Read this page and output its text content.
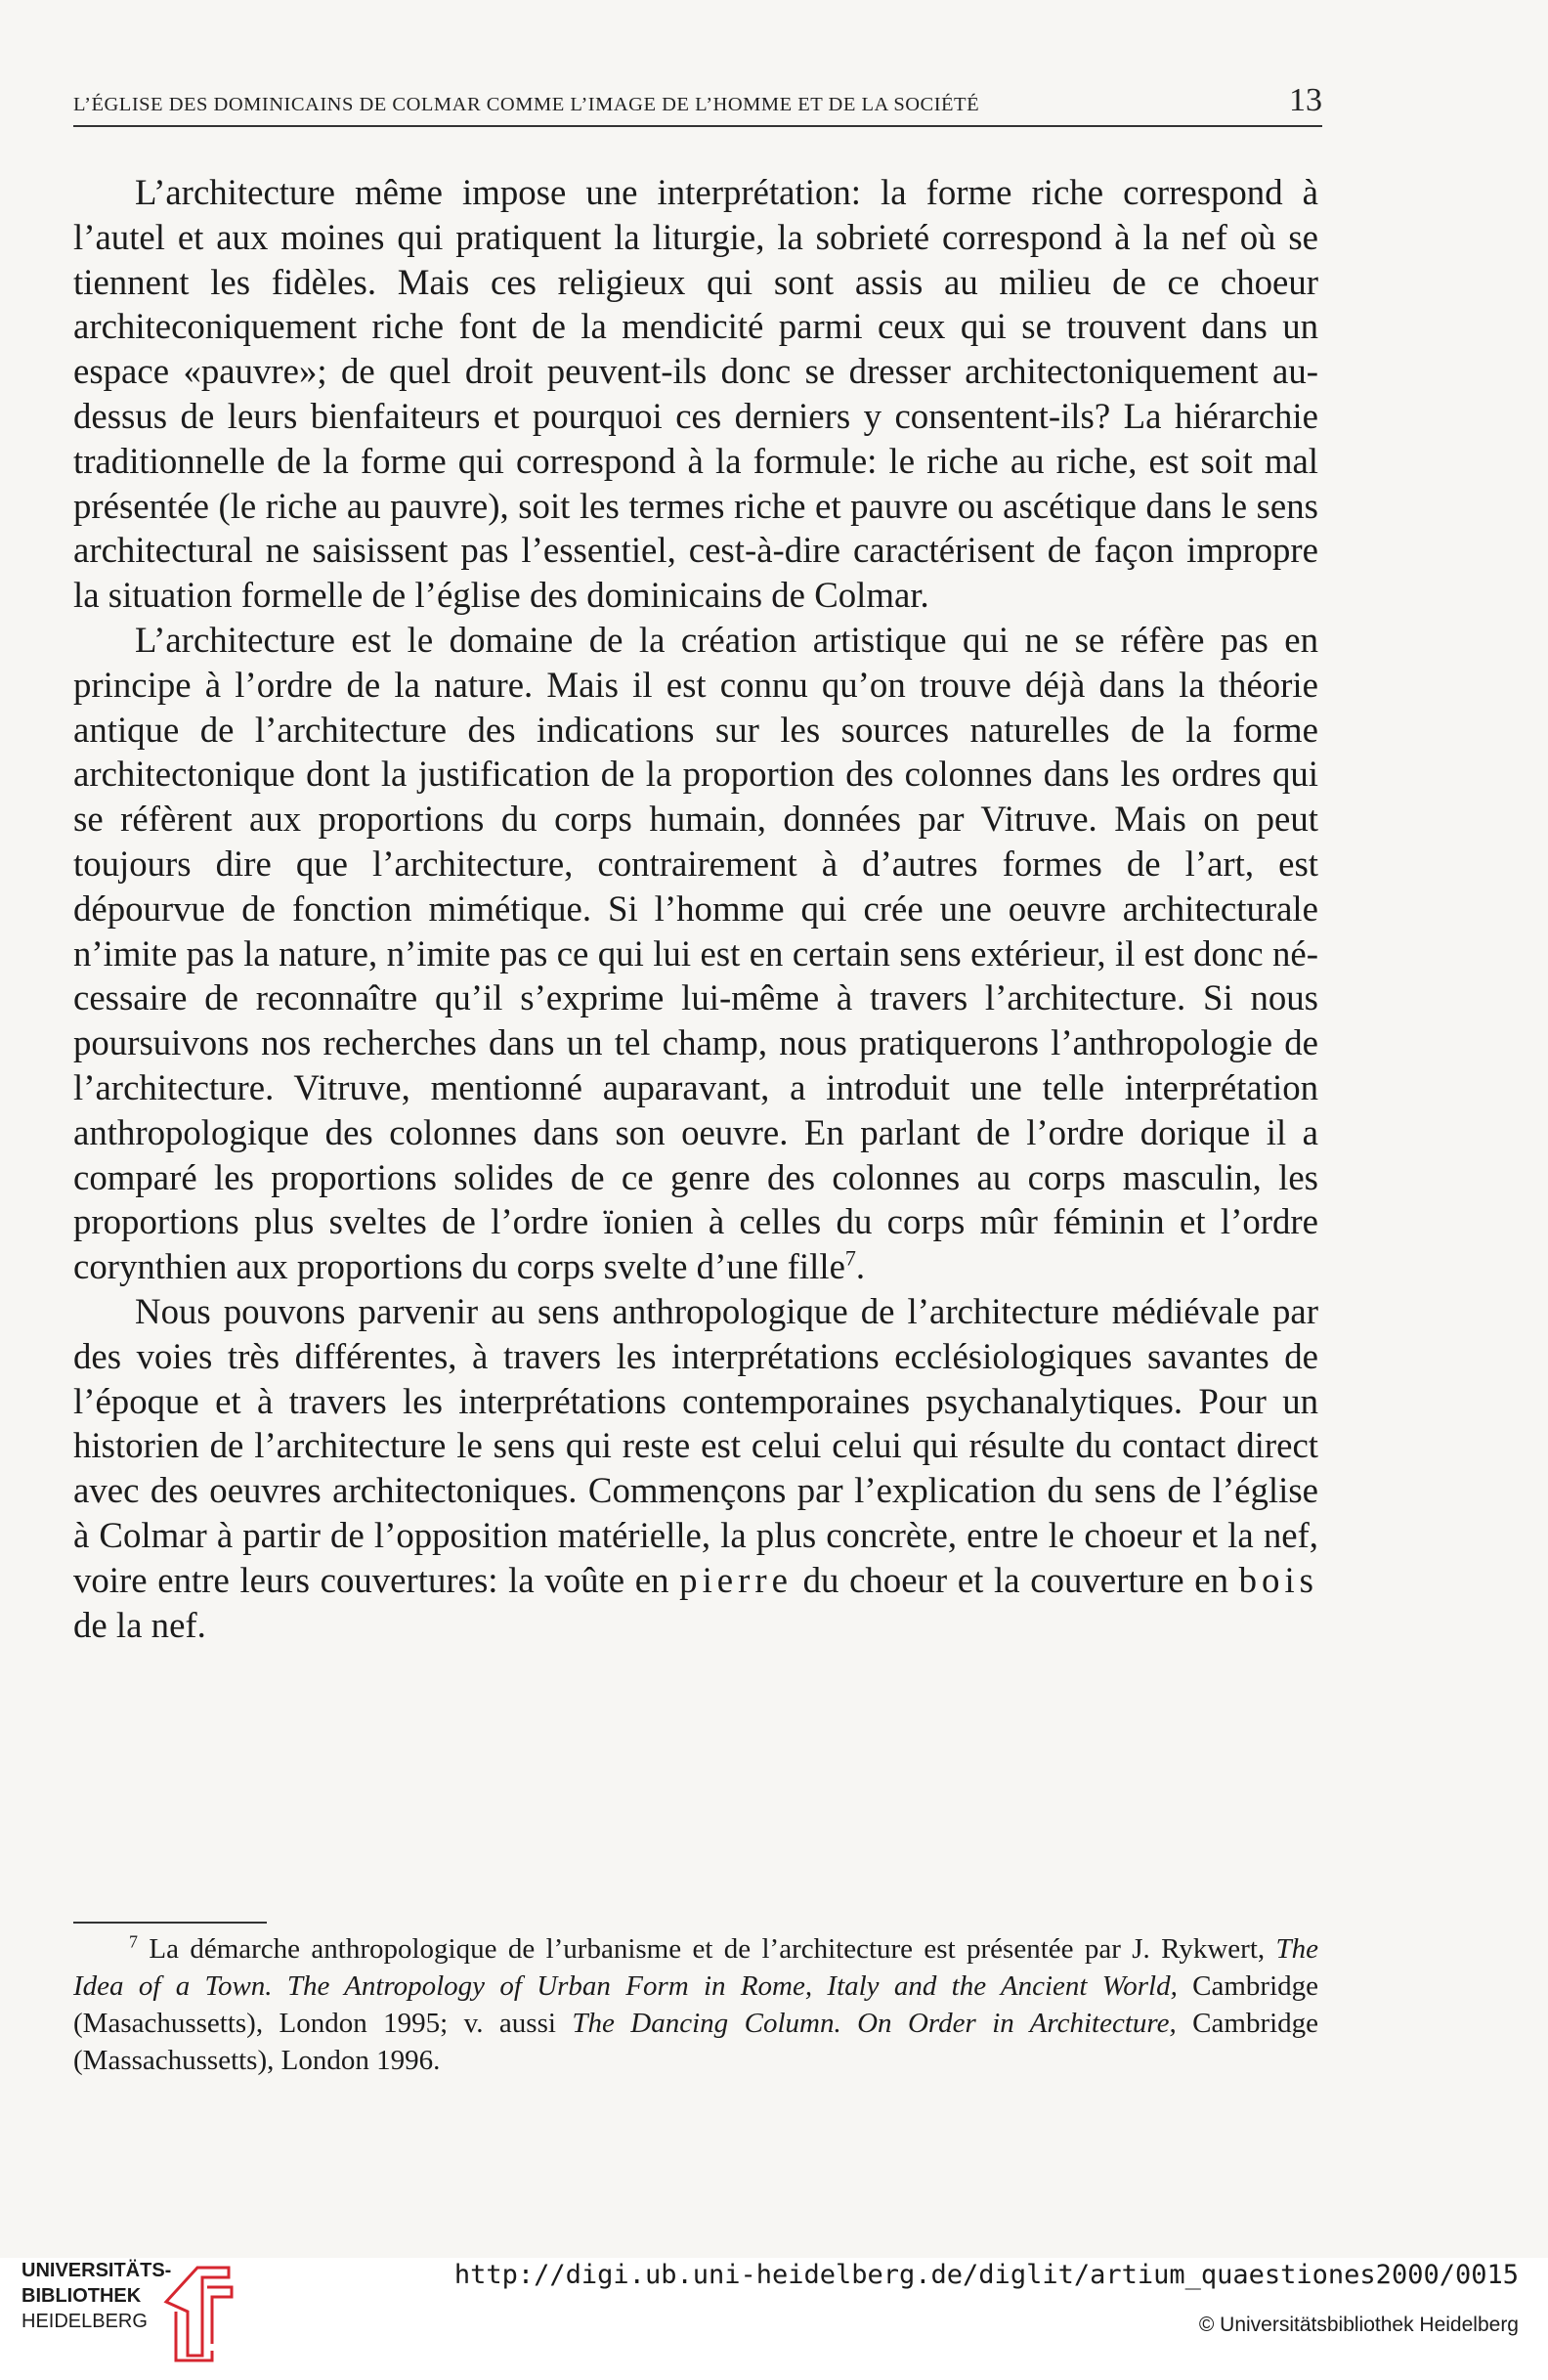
L’ÉGLISE DES DOMINICAINS DE COLMAR COMME L’IMAGE DE L’HOMME ET DE LA SOCIÉTÉ	13

L’architecture même impose une interprétation: la forme riche correspond à l’autel et aux moines qui pratiquent la liturgie, la sobrieté correspond à la nef où se tiennent les fidèles. Mais ces religieux qui sont assis au milieu de ce choeur architeconiquement riche font de la mendicité parmi ceux qui se trouvent dans un espace «pauvre»; de quel droit peuvent-ils donc se dresser architectoniquement au-dessus de leurs bienfaiteurs et pourquoi ces derniers y consentent-ils? La hiérarchie traditionnelle de la forme qui correspond à la formule: le riche au riche, est soit mal présentée (le riche au pauvre), soit les termes riche et pauvre ou ascétique dans le sens architectural ne saisissent pas l’essentiel, cest-à-dire caractérisent de façon impropre la situation formelle de l’église des dominicains de Colmar.

L’architecture est le domaine de la création artistique qui ne se réfère pas en principe à l’ordre de la nature. Mais il est connu qu’on trouve déjà dans la théorie antique de l’architecture des indications sur les sources naturelles de la forme architectonique dont la justification de la proportion des colonnes dans les ordres qui se réfèrent aux proportions du corps humain, données par Vitruve. Mais on peut toujours dire que l’architecture, contrairement à d’autres formes de l’art, est dépourvue de fonction mimétique. Si l’homme qui crée une oeuvre architecturale n’imite pas la nature, n’imite pas ce qui lui est en certain sens extérieur, il est donc nécessaire de reconnaître qu’il s’exprime lui-même à travers l’architecture. Si nous poursuivons nos recherches dans un tel champ, nous pratiquerons l’anthropologie de l’architecture. Vitruve, mentionné auparavant, a introduit une telle interprétation anthropologique des colonnes dans son oeuvre. En parlant de l’ordre dorique il a comparé les proportions solides de ce genre des colonnes au corps masculin, les proportions plus sveltes de l’ordre ïonien à celles du corps mûr féminin et l’ordre corynthien aux proportions du corps svelte d’une fille$^7$.

Nous pouvons parvenir au sens anthropologique de l’architecture médiévale par des voies très différentes, à travers les interprétations ecclésiologiques savantes de l’époque et à travers les interprétations contemporaines psychanalytiques. Pour un historien de l’architecture le sens qui reste est celui celui qui résulte du contact direct avec des oeuvres architectoniques. Commençons par l’explication du sens de l’église à Colmar à partir de l’opposition matérielle, la plus concrète, entre le choeur et la nef, voire entre leurs couvertures: la voûte en pierre du choeur et la couverture en bois de la nef.

$^7$ La démarche anthropologique de l’urbanisme et de l’architecture est présentée par J. Rykwert, The Idea of a Town. The Antropology of Urban Form in Rome, Italy and the Ancient World, Cambridge (Masachussetts), London 1995; v. aussi The Dancing Column. On Order in Architecture, Cambridge (Massachussetts), London 1996.

UNIVERSITÄTS-
BIBLIOTHEK
HEIDELBERG
http://digi.ub.uni-heidelberg.de/diglit/artium_quaestiones2000/0015
© Universitätsbibliothek Heidelberg
